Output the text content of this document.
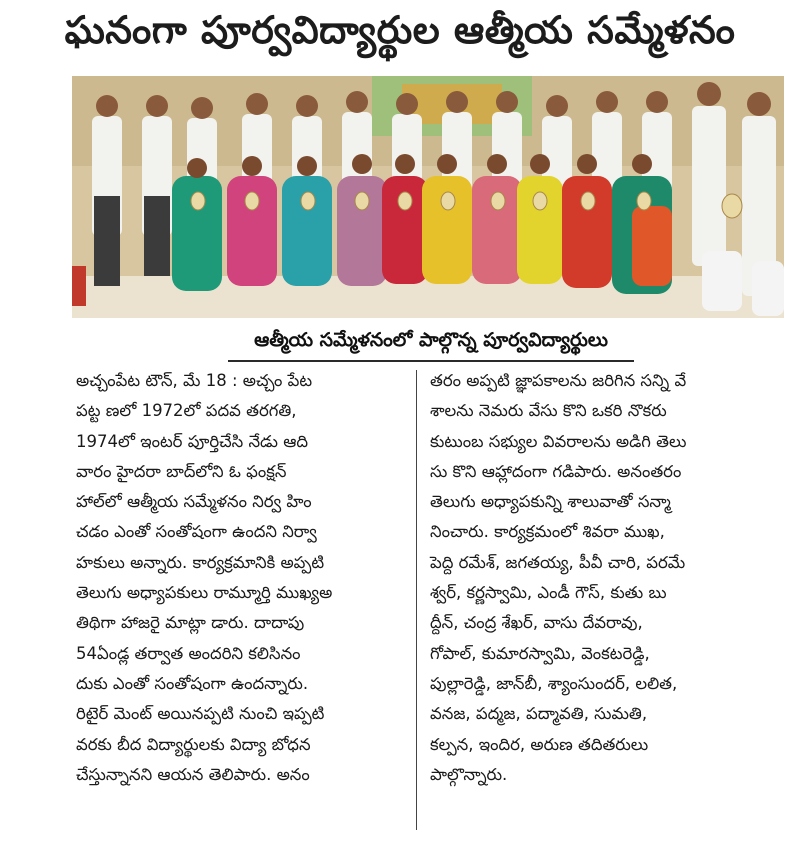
ఘనంగా పూర్వవిద్యార్థుల ఆత్మీయ సమ్మేళనం
ఆత్మీయ సమ్మేళనంలో పాల్గొన్న పూర్వవిద్యార్థులు
అచ్చంపేట టౌన్‌, మే 18 : అచ్చం పేట
పట్ట ణలో 1972లో పదవ తరగతి,
1974లో ఇంటర్‌ పూర్తిచేసి నేడు ఆది
వారం హైదరా బాద్‌లోని ఓ ఫంక్షన్‌
హాల్‌లో ఆత్మీయ సమ్మేళనం నిర్వ హిం
చడం ఎంతో సంతోషంగా ఉందని నిర్వా
హకులు అన్నారు. కార్యక్రమానికి అప్పటి
తెలుగు అధ్యాపకులు రామ్మూర్తి ముఖ్యఅ
తిథిగా హాజరై మాట్లా డారు. దాదాపు
54ఏండ్ల తర్వాత అందరిని కలిసినం
దుకు ఎంతో సంతోషంగా ఉందన్నారు.
రిటైర్‌ మెంట్‌ అయినప్పటి నుంచి ఇప్పటి
వరకు బీద విద్యార్థులకు విద్యా బోధన
చేస్తున్నానని ఆయన తెలిపారు. అనం
తరం అప్పటి జ్ఞాపకాలను జరిగిన సన్ని వే
శాలను నెమరు వేసు కొని ఒకరి నొకరు
కుటుంబ సభ్యుల వివరాలను అడిగి తెలు
సు కొని ఆహ్లాదంగా గడిపారు. అనంతరం
తెలుగు అధ్యాపకున్ని శాలువాతో సన్మా
నించారు. కార్యక్రమంలో శివరా ముఖ,
పెద్ది రమేశ్‌, జగతయ్య, పీవీ చారి, పరమే
శ్వర్‌, కర్ణస్వామి, ఎండీ గౌస్‌, కుతు బు
ద్దీన్‌, చంద్ర శేఖర్‌, వాసు దేవరావు,
గోపాల్‌, కుమారస్వామి, వెంకటరెడ్డి,
పుల్లారెడ్డి, జాన్‌బీ, శ్యాంసుందర్‌, లలిత,
వనజ, పద్మజ, పద్మావతి, సుమతి,
కల్పన, ఇందిర, అరుణ తదితరులు
పాల్గొన్నారు.
